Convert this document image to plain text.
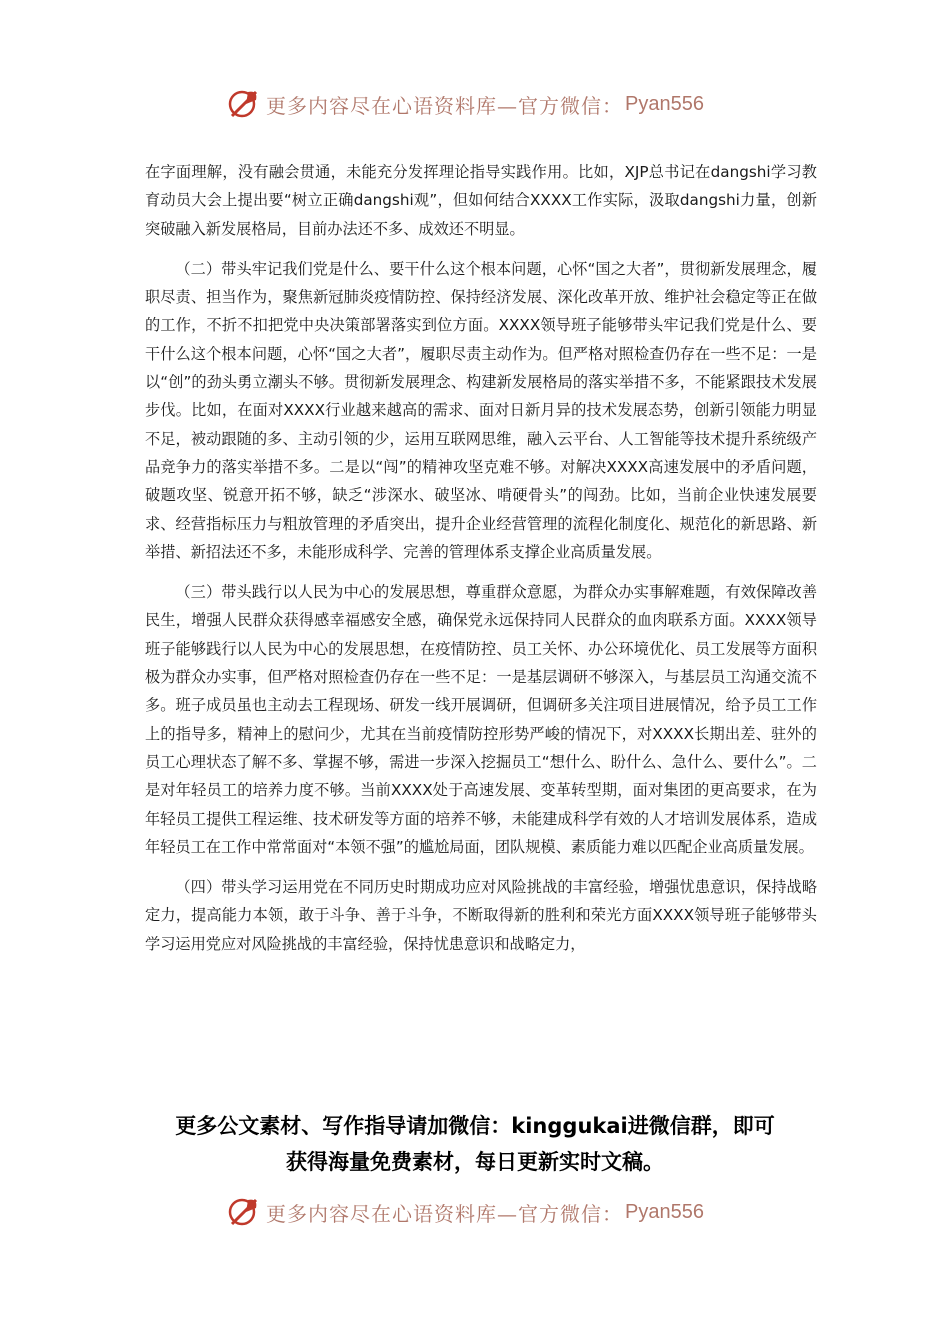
更多内容尽在心语资料库—官方微信： Pyan556

在字面理解，没有融会贯通，未能充分发挥理论指导实践作用。比如，XJP总书记在dangshi学习教育动员大会上提出要“树立正确dangshi观”，但如何结合XXXX工作实际，汲取dangshi力量，创新突破融入新发展格局，目前办法还不多、成效还不明显。

（二）带头牢记我们党是什么、要干什么这个根本问题，心怀“国之大者”，贯彻新发展理念，履职尽责、担当作为，聚焦新冠肺炎疫情防控、保持经济发展、深化改革开放、维护社会稳定等正在做的工作，不折不扣把党中央决策部署落实到位方面。XXXX领导班子能够带头牢记我们党是什么、要干什么这个根本问题，心怀“国之大者”，履职尽责主动作为。但严格对照检查仍存在一些不足：一是以“创”的劲头勇立潮头不够。贯彻新发展理念、构建新发展格局的落实举措不多，不能紧跟技术发展步伐。比如，在面对XXXX行业越来越高的需求、面对日新月异的技术发展态势，创新引领能力明显不足，被动跟随的多、主动引领的少，运用互联网思维，融入云平台、人工智能等技术提升系统级产品竞争力的落实举措不多。二是以“闯”的精神攻坚克难不够。对解决XXXX高速发展中的矛盾问题，破题攻坚、锐意开拓不够，缺乏“涉深水、破坚冰、啃硬骨头”的闯劲。比如，当前企业快速发展要求、经营指标压力与粗放管理的矛盾突出，提升企业经营管理的流程化制度化、规范化的新思路、新举措、新招法还不多，未能形成科学、完善的管理体系支撑企业高质量发展。

（三）带头践行以人民为中心的发展思想，尊重群众意愿，为群众办实事解难题，有效保障改善民生，增强人民群众获得感幸福感安全感，确保党永远保持同人民群众的血肉联系方面。XXXX领导班子能够践行以人民为中心的发展思想，在疫情防控、员工关怀、办公环境优化、员工发展等方面积极为群众办实事，但严格对照检查仍存在一些不足：一是基层调研不够深入，与基层员工沟通交流不多。班子成员虽也主动去工程现场、研发一线开展调研，但调研多关注项目进展情况，给予员工工作上的指导多，精神上的慰问少，尤其在当前疫情防控形势严峻的情况下，对XXXX长期出差、驻外的员工心理状态了解不多、掌握不够，需进一步深入挖掘员工“想什么、盼什么、急什么、要什么”。二是对年轻员工的培养力度不够。当前XXXX处于高速发展、变革转型期，面对集团的更高要求，在为年轻员工提供工程运维、技术研发等方面的培养不够，未能建成科学有效的人才培训发展体系，造成年轻员工在工作中常常面对“本领不强”的尴尬局面，团队规模、素质能力难以匹配企业高质量发展。

（四）带头学习运用党在不同历史时期成功应对风险挑战的丰富经验，增强忧患意识，保持战略定力，提高能力本领，敢于斗争、善于斗争，不断取得新的胜利和荣光方面XXXX领导班子能够带头学习运用党应对风险挑战的丰富经验，保持忧患意识和战略定力，

更多公文素材、写作指导请加微信：kinggukai进微信群，即可
获得海量免费素材，每日更新实时文稿。
更多内容尽在心语资料库—官方微信： Pyan556
